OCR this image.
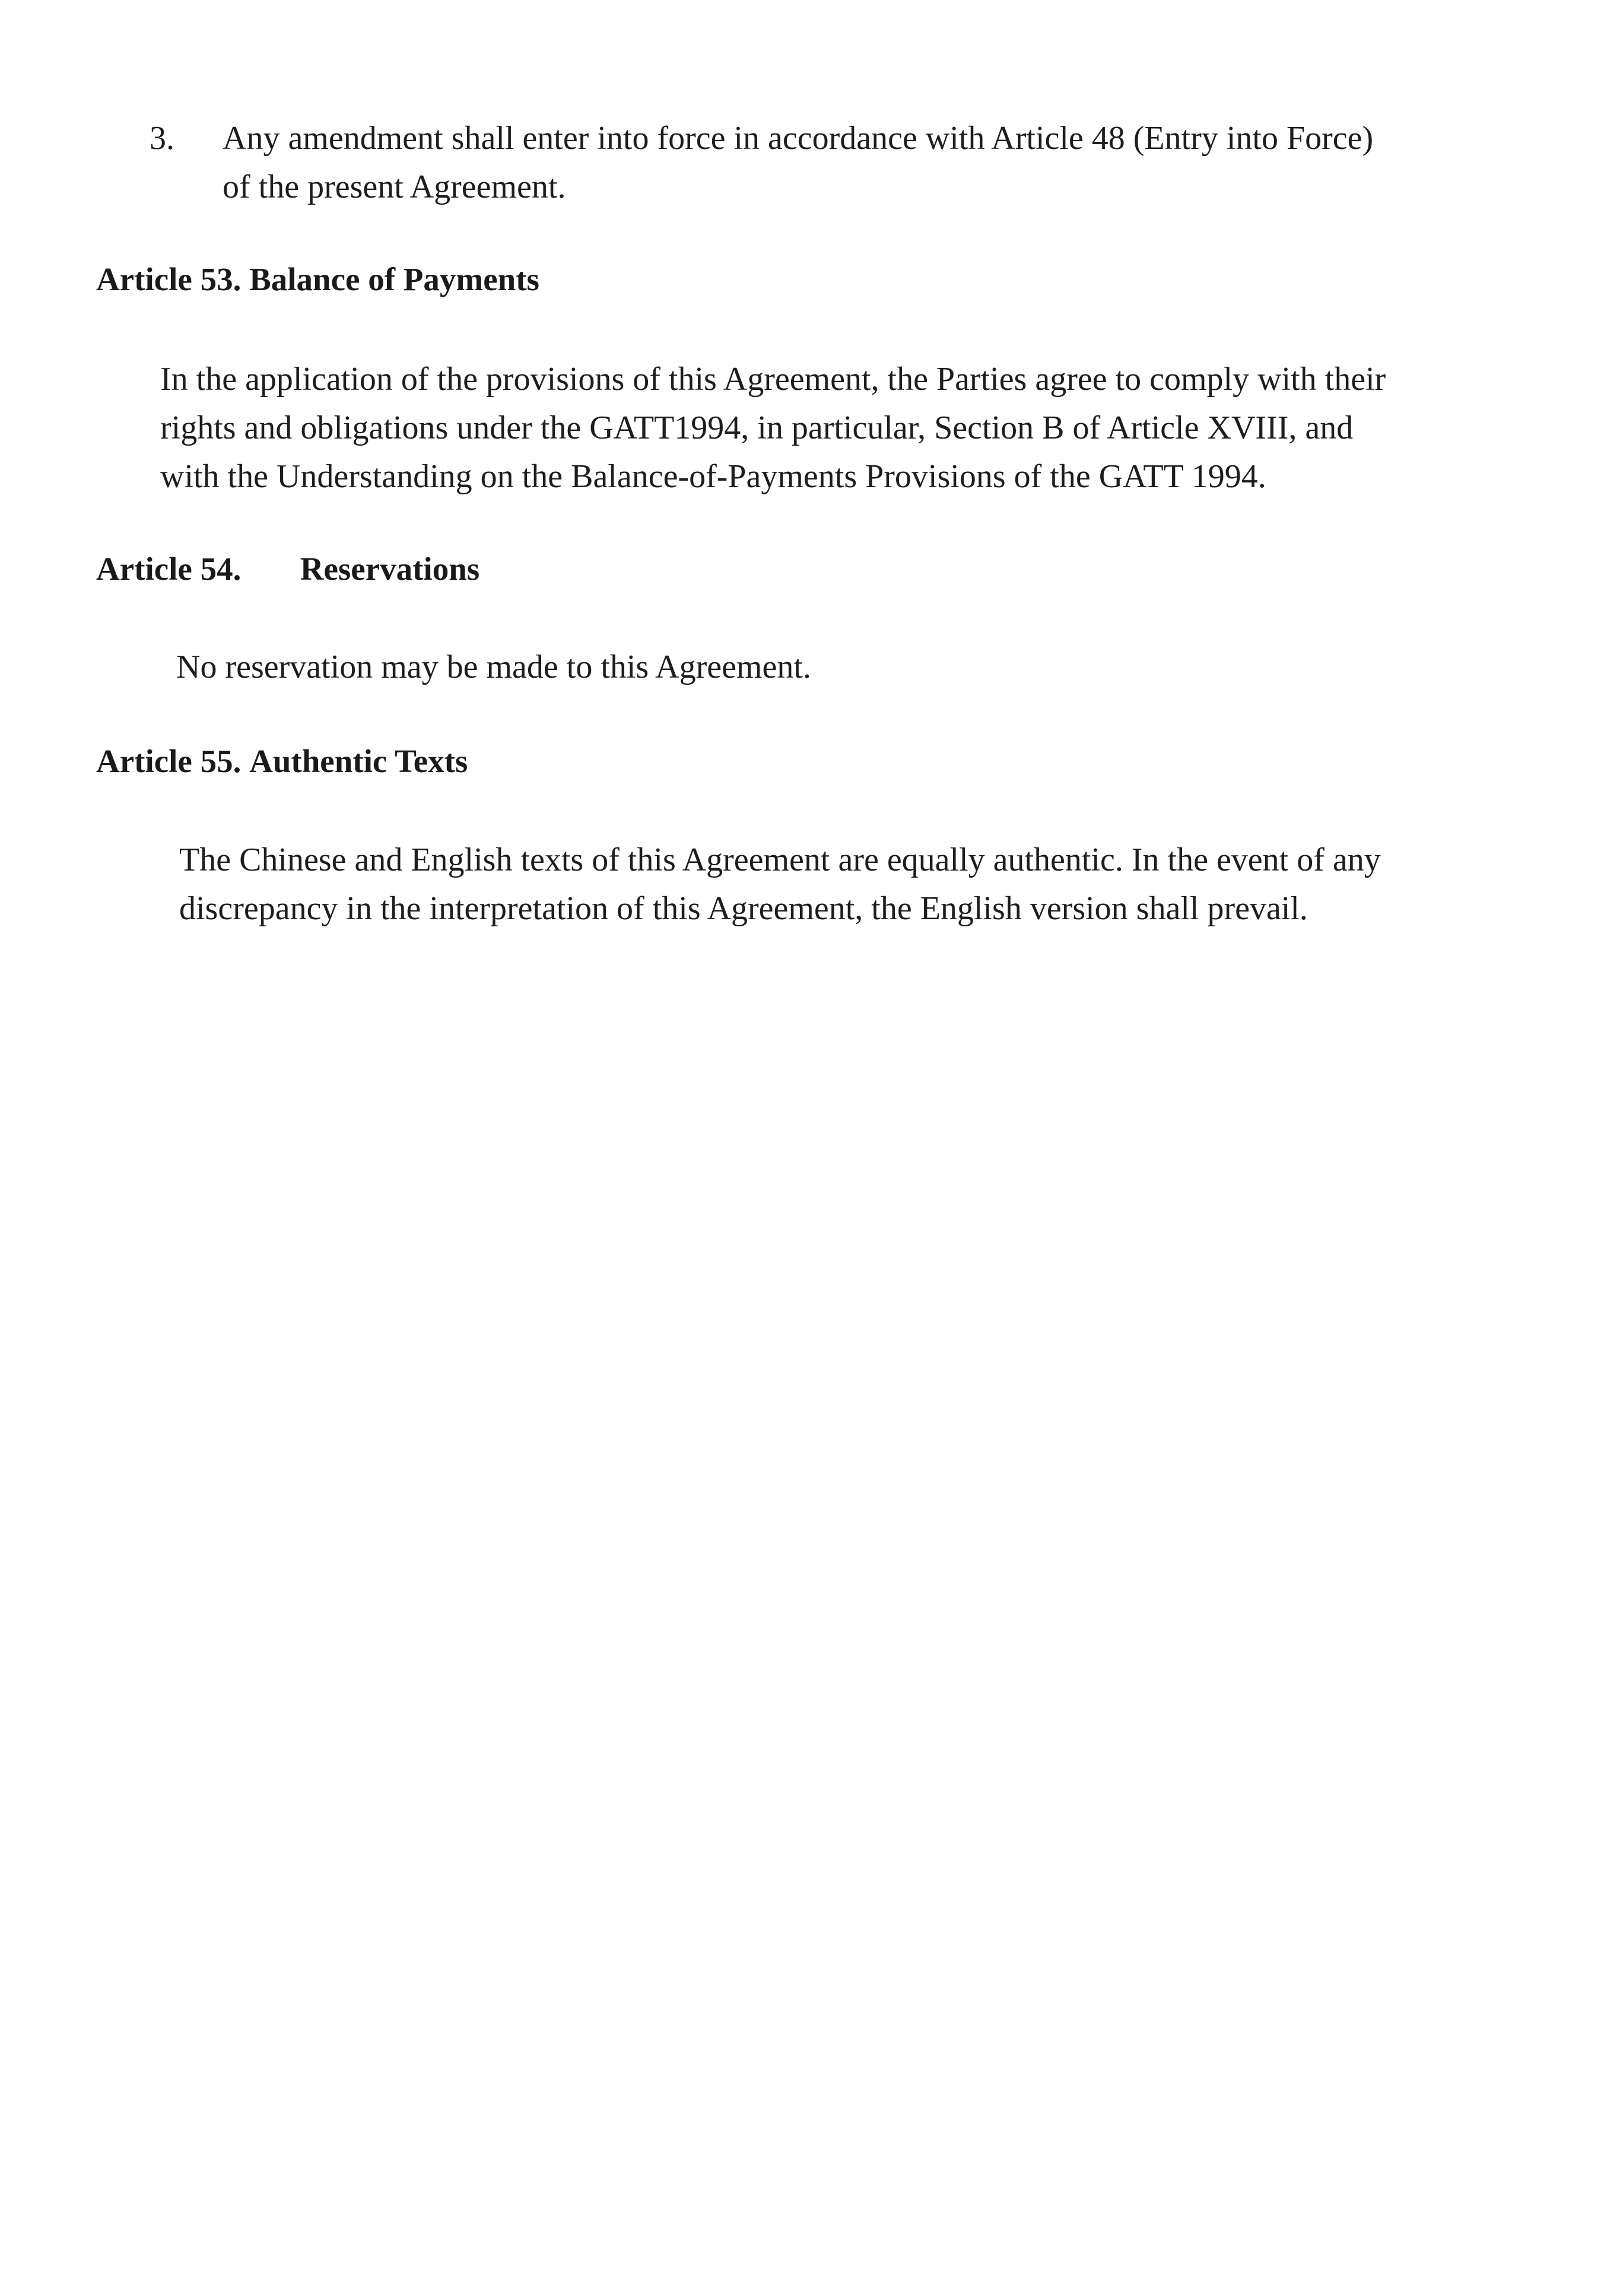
3. Any amendment shall enter into force in accordance with Article 48 (Entry into Force)
of the present Agreement.
Article 53. Balance of Payments
In the application of the provisions of this Agreement, the Parties agree to comply with their
rights and obligations under the GATT1994, in particular, Section B of Article XVIII, and
with the Understanding on the Balance-of-Payments Provisions of the GATT 1994.
Article 54. Reservations
No reservation may be made to this Agreement.
Article 55. Authentic Texts
The Chinese and English texts of this Agreement are equally authentic. In the event of any
discrepancy in the interpretation of this Agreement, the English version shall prevail.
